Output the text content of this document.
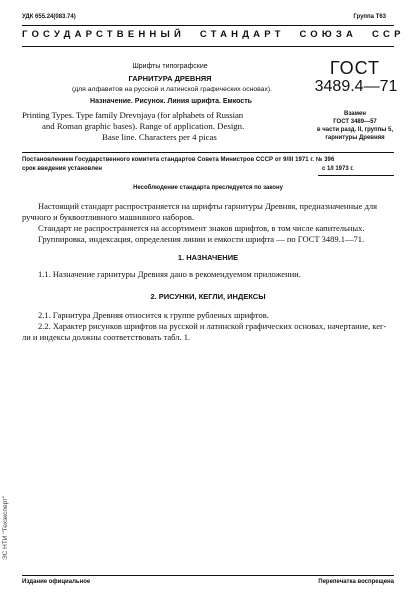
УДК 655.24(083.74)	Группа Т63
ГОСУДАРСТВЕННЫЙ СТАНДАРТ СОЮЗА ССР
Шрифты типографские
ГАРНИТУРА ДРЕВНЯЯ
(для алфавитов на русской и латинской графических основах).
Назначение. Рисунок. Линия шрифта. Емкость
Printing Types. Type family Drevnjaya (for alphabets of Russian
and Roman graphic bases). Range of application. Design.
Base line. Characters per 4 picas
ГОСТ
3489.4—71
Взамен
ГОСТ 3489—57
в части разд. II, группы 5,
гарнитуры Древняя
Постановлением Государственного комитета стандартов Совета Министров СССР от 9/III 1971 г. № 396
срок введения установлен	с 1/I 1973 г.
Несоблюдение стандарта преследуется по закону
Настоящий стандарт распространяется на шрифты гарнитуры Древняя, предназначенные для
ручного и буквоотливного машинного наборов.
Стандарт не распространяется на ассортимент знаков шрифтов, в том числе капительных.
Группировка, индексация, определения линии и емкости шрифта — по ГОСТ 3489.1—71.
1. НАЗНАЧЕНИЕ
1.1. Назначение гарнитуры Древняя дано в рекомендуемом приложении.
2. РИСУНКИ, КЕГЛИ, ИНДЕКСЫ
2.1. Гарнитура Древняя относится к группе рубленых шрифтов.
2.2. Характер рисунков шрифтов на русской и латинской графических основах, начертание, кег-
ли и индексы должны соответствовать табл. 1.
ЭС НТИ "Техэксперт"
Издание официальное	Перепечатка воспрещена
